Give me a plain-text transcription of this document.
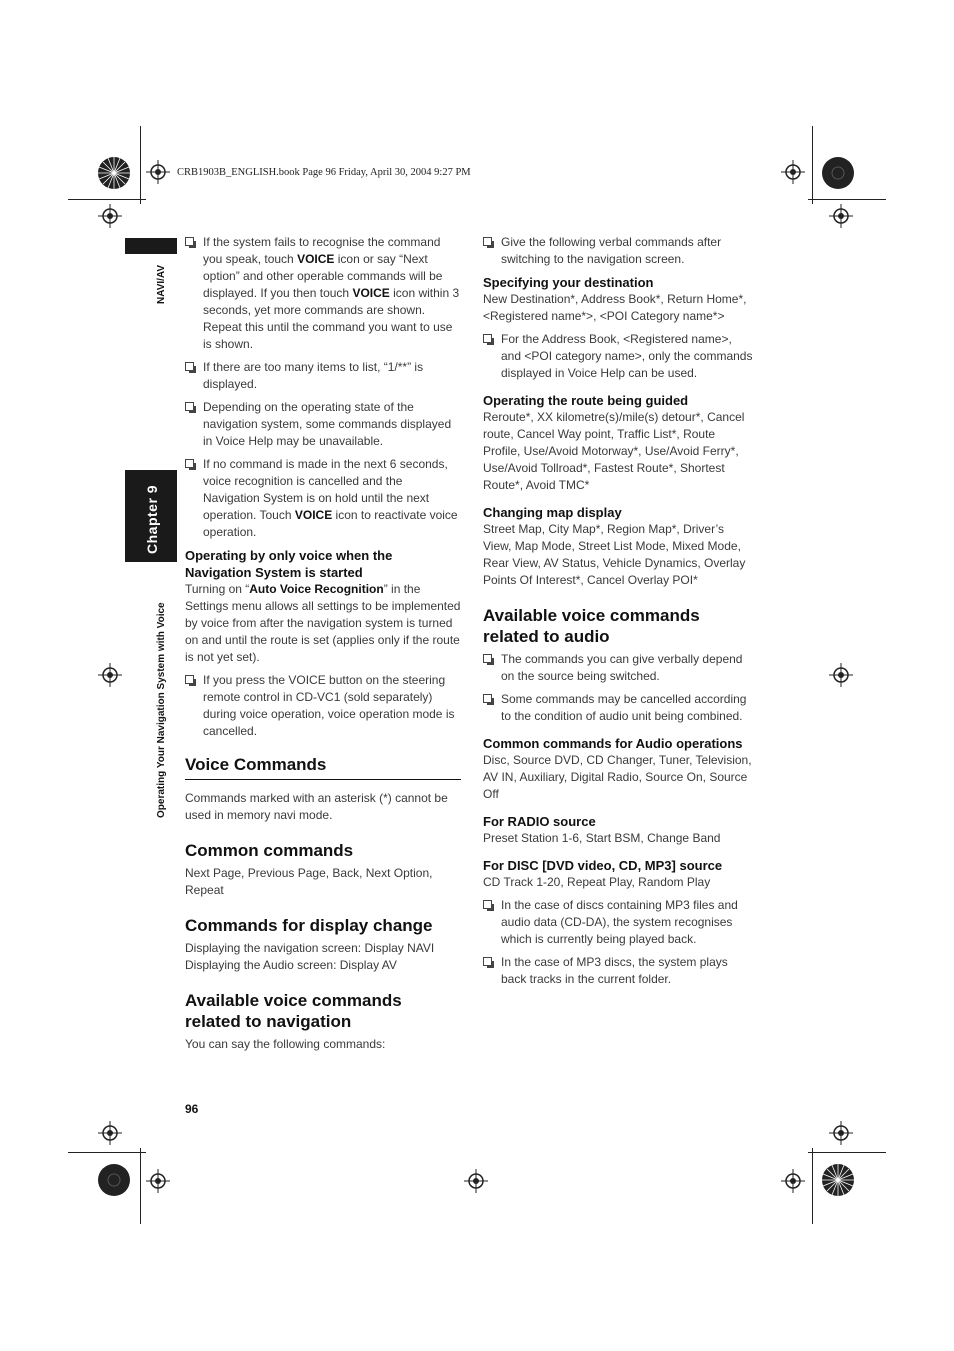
CRB1903B_ENGLISH.book Page 96 Friday, April 30, 2004 9:27 PM
NAVI/AV
Chapter 9
Operating Your Navigation System with Voice
If the system fails to recognise the command you speak, touch VOICE icon or say “Next option” and other operable commands will be displayed. If you then touch VOICE icon within 3 seconds, yet more commands are shown. Repeat this until the command you want to use is shown.
If there are too many items to list, “1/**” is displayed.
Depending on the operating state of the navigation system, some commands displayed in Voice Help may be unavailable.
If no command is made in the next 6 seconds, voice recognition is cancelled and the Navigation System is on hold until the next operation. Touch VOICE icon to reactivate voice operation.
Operating by only voice when the Navigation System is started
Turning on “Auto Voice Recognition” in the Settings menu allows all settings to be implemented by voice from after the navigation system is turned on and until the route is set (applies only if the route is not yet set).
If you press the VOICE button on the steering remote control in CD-VC1 (sold separately) during voice operation, voice operation mode is cancelled.
Voice Commands
Commands marked with an asterisk (*) cannot be used in memory navi mode.
Common commands
Next Page, Previous Page, Back, Next Option, Repeat
Commands for display change
Displaying the navigation screen: Display NAVI
Displaying the Audio screen: Display AV
Available voice commands related to navigation
You can say the following commands:
Give the following verbal commands after switching to the navigation screen.
Specifying your destination
New Destination*, Address Book*, Return Home*, <Registered name*>, <POI Category name*>
For the Address Book, <Registered name>, and <POI category name>, only the commands displayed in Voice Help can be used.
Operating the route being guided
Reroute*, XX kilometre(s)/mile(s) detour*, Cancel route, Cancel Way point, Traffic List*, Route Profile, Use/Avoid Motorway*, Use/Avoid Ferry*, Use/Avoid Tollroad*, Fastest Route*, Shortest Route*, Avoid TMC*
Changing map display
Street Map, City Map*, Region Map*, Driver’s View, Map Mode, Street List Mode, Mixed Mode, Rear View, AV Status, Vehicle Dynamics, Overlay Points Of Interest*, Cancel Overlay POI*
Available voice commands related to audio
The commands you can give verbally depend on the source being switched.
Some commands may be cancelled according to the condition of audio unit being combined.
Common commands for Audio operations
Disc, Source DVD, CD Changer, Tuner, Television, AV IN, Auxiliary, Digital Radio, Source On, Source Off
For RADIO source
Preset Station 1-6, Start BSM, Change Band
For DISC [DVD video, CD, MP3] source
CD Track 1-20, Repeat Play, Random Play
In the case of discs containing MP3 files and audio data (CD-DA), the system recognises which is currently being played back.
In the case of MP3 discs, the system plays back tracks in the current folder.
96
